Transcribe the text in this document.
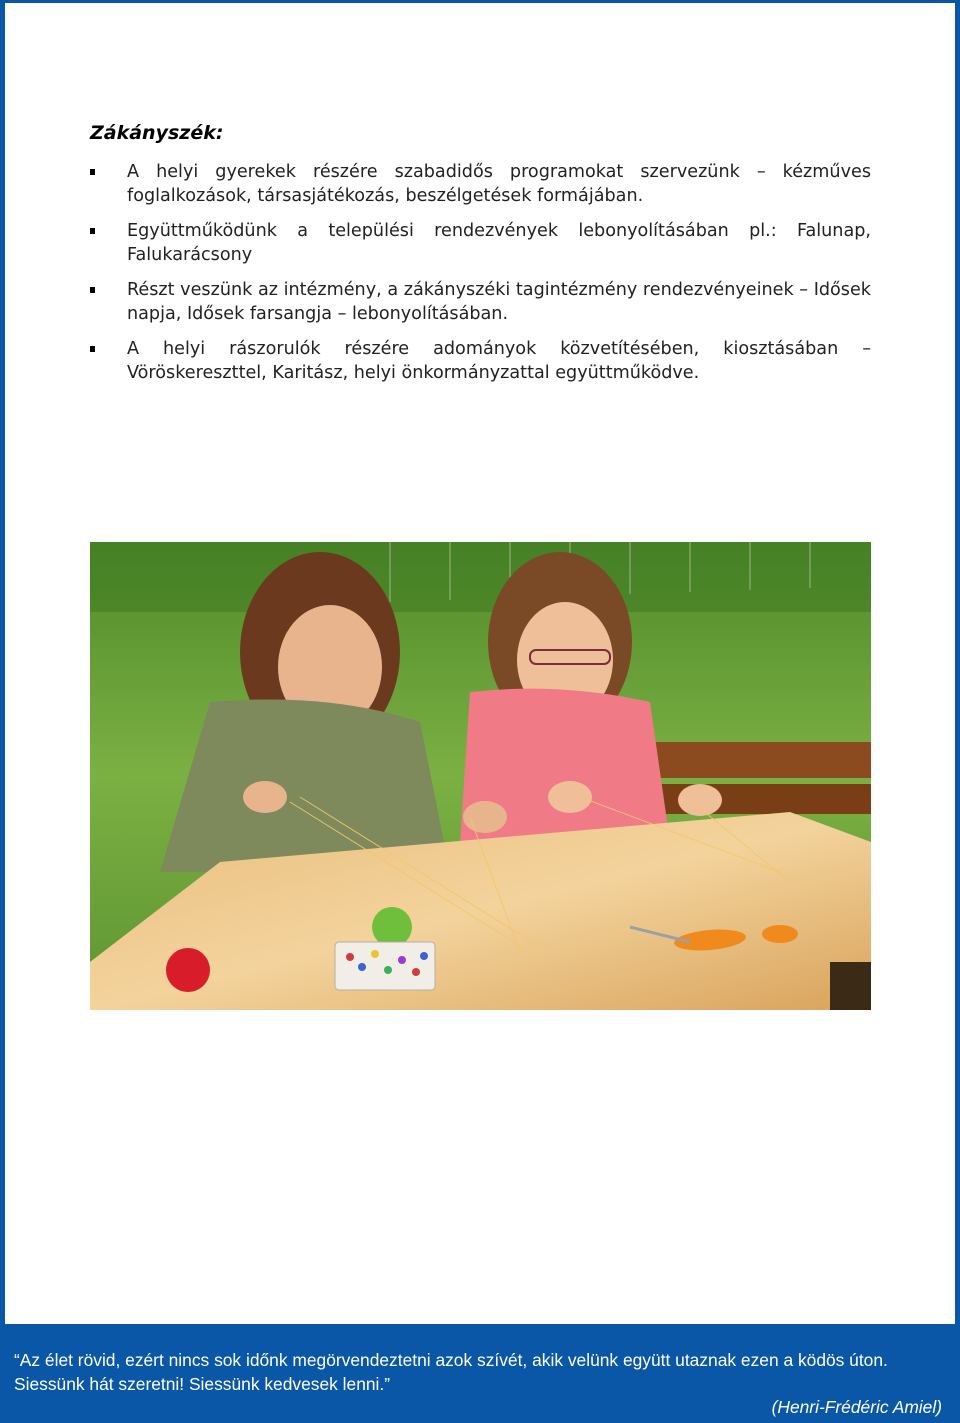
Zákányszék:
A helyi gyerekek részére szabadidős programokat szervezünk – kézműves foglalkozások, társasjátékozás, beszélgetések formájában.
Együttműködünk a települési rendezvények lebonyolításában pl.: Falunap, Falukarácsony
Részt veszünk az intézmény, a zákányszéki tagintézmény rendezvényeinek – Idősek napja, Idősek farsangja – lebonyolításában.
A helyi rászorulók részére adományok közvetítésében, kiosztásában – Vöröskereszttel, Karitász, helyi önkormányzattal együttműködve.

“Az élet rövid, ezért nincs sok időnk megörvendeztetni azok szívét, akik velünk együtt utaznak ezen a ködös úton. Siessünk hát szeretni! Siessünk kedvesek lenni.”

(Henri-Frédéric Amiel)
